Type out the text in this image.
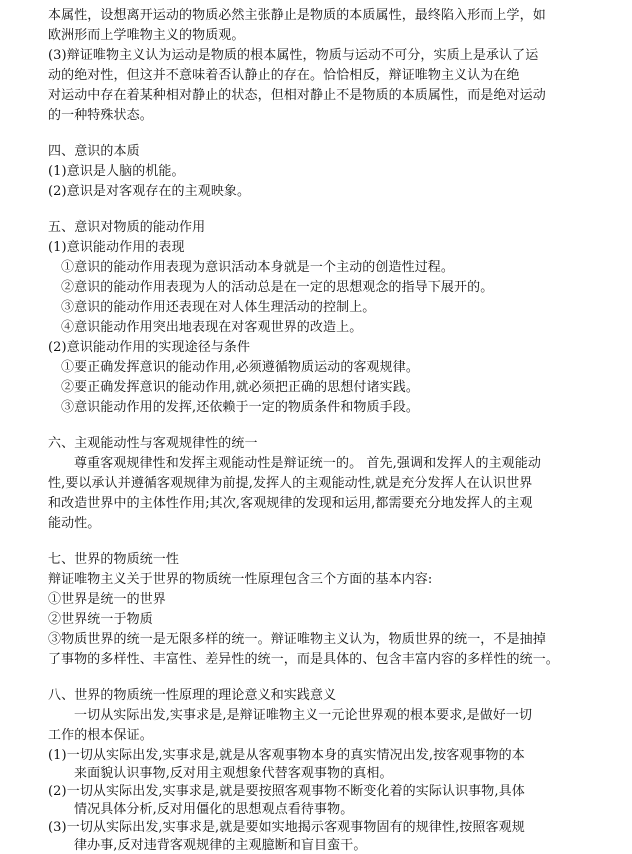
本属性，设想离开运动的物质必然主张静止是物质的本质属性，最终陷入形而上学，如
欧洲形而上学唯物主义的物质观。
(3)辩证唯物主义认为运动是物质的根本属性，物质与运动不可分，实质上是承认了运
动的绝对性，但这并不意味着否认静止的存在。恰恰相反，辩证唯物主义认为在绝
对运动中存在着某种相对静止的状态，但相对静止不是物质的本质属性，而是绝对运动
的一种特殊状态。
四、意识的本质
(1)意识是人脑的机能。
(2)意识是对客观存在的主观映象。
五、意识对物质的能动作用
(1)意识能动作用的表现
①意识的能动作用表现为意识活动本身就是一个主动的创造性过程。
②意识的能动作用表现为人的活动总是在一定的思想观念的指导下展开的。
③意识的能动作用还表现在对人体生理活动的控制上。
④意识能动作用突出地表现在对客观世界的改造上。
(2)意识能动作用的实现途径与条件
①要正确发挥意识的能动作用,必须遵循物质运动的客观规律。
②要正确发挥意识的能动作用,就必须把正确的思想付诸实践。
③意识能动作用的发挥,还依赖于一定的物质条件和物质手段。
六、主观能动性与客观规律性的统一
尊重客观规律性和发挥主观能动性是辩证统一的。 首先,强调和发挥人的主观能动
性,要以承认并遵循客观规律为前提,发挥人的主观能动性,就是充分发挥人在认识世界
和改造世界中的主体性作用;其次,客观规律的发现和运用,都需要充分地发挥人的主观
能动性。
七、世界的物质统一性
辩证唯物主义关于世界的物质统一性原理包含三个方面的基本内容:
①世界是统一的世界
②世界统一于物质
③物质世界的统一是无限多样的统一。辩证唯物主义认为，物质世界的统一，不是抽掉
了事物的多样性、丰富性、差异性的统一，而是具体的、包含丰富内容的多样性的统一。
八、世界的物质统一性原理的理论意义和实践意义
一切从实际出发,实事求是,是辩证唯物主义一元论世界观的根本要求,是做好一切
工作的根本保证。
(1)一切从实际出发,实事求是,就是从客观事物本身的真实情况出发,按客观事物的本
来面貌认识事物,反对用主观想象代替客观事物的真相。
(2)一切从实际出发,实事求是,就是要按照客观事物不断变化着的实际认识事物,具体
情况具体分析,反对用僵化的思想观点看待事物。
(3)一切从实际出发,实事求是,就是要如实地揭示客观事物固有的规律性,按照客观规
律办事,反对违背客观规律的主观臆断和盲目蛮干。
